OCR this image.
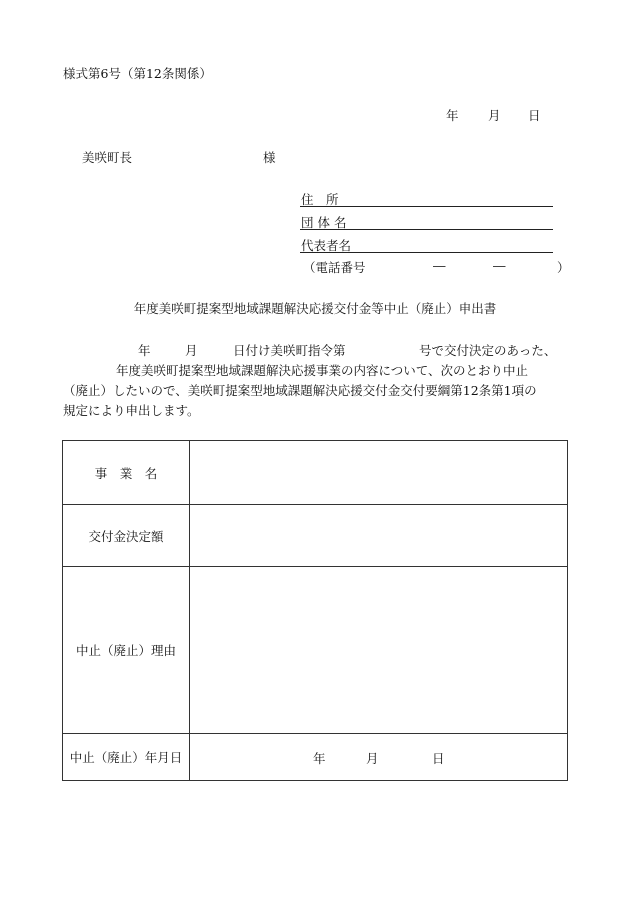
様式第6号（第12条関係）
年 月 日
美咲町長	様
住　所
団 体 名
代表者名
（電話番号	―	―	）
年度美咲町提案型地域課題解決応援交付金等中止（廃止）申出書
年	月	日付け美咲町指令第	号で交付決定のあった、
年度美咲町提案型地域課題解決応援事業の内容について、次のとおり中止
（廃止）したいので、美咲町提案型地域課題解決応援交付金交付要綱第12条第1項の
規定により申出します。
事　業　名	
交付金決定額	
中止（廃止）理由	
中止（廃止）年月日	年 月 日
